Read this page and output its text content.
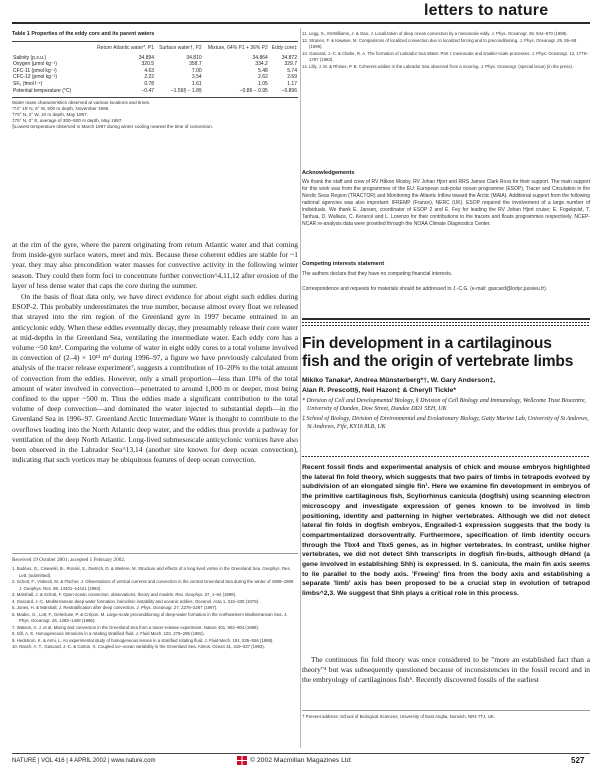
letters to nature
Table 1 Properties of the eddy core and its parent waters
	Return Atlantic water*, P1	Surface water†, P2	Mixture, 64% P1 + 36% P2	Eddy core‡
Salinity (p.s.u.)	34.894	34.810	34.864	34.872
Oxygen (µmol kg⁻¹)	320.5	358.7	334.2	329.7
CFC-11 (pmol kg⁻¹)	4.63	7.00	5.48	5.74
CFC-12 (pmol kg⁻¹)	2.22	3.54	2.62	2.69
SF₆ (fmol l⁻¹)	0.78	1.61	1.05	1.17
Potential temperature (°C)	−0.47	−1.59§ − 1.8§	−0.86 − 0.95	−0.896
Water mass characteristics observed at various locations and times.
*74° 15′ N, 6° W, 500 m depth, November 1996.
†75° N, 2° W, 10 m depth, May 1997.
‡75° N, 0° E, average of 300–500 m depth, May 1997.
§Lowest temperature observed in March 1997 during winter cooling nearest the time of convection.

at the rim of the gyre, where the parent originating from return Atlantic water and that coming from inside-gyre surface waters, meet and mix. Because these coherent eddies are stable for ~1 year, they may also precondition water masses for convective activity in the following winter season. They could then form foci to concentrate further convection^4,11,12 after erosion of the layer of less dense water that caps the core during the summer.

On the basis of float data only, we have direct evidence for about eight such eddies during ESOP-2. This probably underestimates the true number, because almost every float we released that strayed into the rim region of the Greenland gyre in 1997 became entrained in an anticyclonic eddy. When these eddies eventually decay, they presumably release their core water at mid-depths in the Greenland Sea, ventilating the intermediate water. Each eddy core has a volume ~50 km³. Comparing the volume of water in eight eddy cores to a total volume involved in convection of (2–4) × 10¹³ m³ during 1996–97, a figure we have previously calculated from analysis of the tracer release experiment⁷, suggests a contribution of 10–20% to the total amount of convection from the eddies. However, only a small proportion—less than 10% of the total amount of water involved in convection—penetrated to around 1,000 m or deeper, most being confined to the upper ~500 m. Thus the eddies made a significant contribution to the total volume of deep convection—and dominated the water injected to substantial depth—in the Greenland Sea in 1996–97. Greenland Arctic Intermediate Water is thought to contribute to the overflows leading into the North Atlantic deep water, and the eddies thus provide a pathway for ventilation of the deep North Atlantic. Long-lived submesoscale anticyclonic vortices have also been observed in the Labrador Sea^13,14 (another site known for deep ocean convection), indicating that such vortices may be ubiquitous features of deep ocean convection.

Received 19 October 2001; accepted 1 February 2002.
1. Budéus, G., Cisewski, B., Ronski, S., Dietrich, D. & Weitere, M. Structure and effects of a long lived vortex in the Greenland Sea. Geophys. Res. Lett. (submitted).
2. Schott, F., Visbeck, M. & Fischer, J. Observations of vertical currents and convection in the central Greenland Sea during the winter of 1988–1989. J. Geophys. Res. 98, 14401–14421 (1993).
3. Marshall, J. & Schott, F. Open-ocean convection: observations, theory and models. Rev. Geophys. 37, 1–64 (1999).
4. Gascard, J.-C. Mediterranean deep water formation, baroclinic instability and oceanic eddies. Oceanol. Acta 1, 315–330 (1978).
5. Jones, H. & Marshall, J. Restratification after deep convection. J. Phys. Oceanogr. 27, 2276–2287 (1997).
6. Madec, G., Lott, F., Delecluse, P. & Crépon, M. Large-scale preconditioning of deep-water formation in the northwestern Mediterranean Sea. J. Phys. Oceanogr. 26, 1393–1408 (1996).
7. Watson, A. J. et al. Mixing and convection in the Greenland Sea from a tracer-release experiment. Nature 401, 902–904 (1999).
8. Gill, A. E. Homogeneous intrusions in a rotating stratified fluid. J. Fluid Mech. 103, 275–295 (1981).
9. Hedstrom, K. & Armi, L. An experimental study of homogeneous lenses in a stratified rotating fluid. J. Fluid Mech. 191, 535–556 (1988).
10. Rasch, A. T., Gascard, J.-C. & Carton, X. Coupled ice–ocean variability in the Greenland Sea. Atmos. Ocean 31, 319–337 (1993).
11. Legg, S., McWilliams, J. & Gao, J. Localization of deep ocean convection by a mesoscale eddy. J. Phys. Oceanogr. 28, 944–970 (1998).
12. Straneo, F. & Kawase, M. Comparisons of localized convection due to localized forcing and to preconditioning. J. Phys. Oceanogr. 29, 55–68 (1999).
13. Gascard, J.-C. & Clarke, R. A. The formation of Labrador Sea Water. Part I: mesoscale and smaller-scale processes. J. Phys. Oceanogr. 13, 1779–1797 (1983).
14. Lilly, J. M. & Rhines, P. B. Coherent eddies in the Labrador Sea observed from a mooring. J. Phys. Oceanogr. (special issue) (in the press).
Acknowledgements
We thank the staff and crew of RV Håkon Mosby, RV Johan Hjort and RRS James Clark Ross for their support. The main support for this work was from the programmes of the EU: European sub-polar ocean programme (ESOP), Tracer and Circulation in the Nordic Seas Region (TRACTOR) and Monitoring the Atlantic Inflow toward the Arctic (MAIA). Additional support from the following national agencies was also important: IFREMP (France), NERC (UK). ESOP required the involvement of a large number of individuals. We thank E. Jansen, coordinator of ESOP 2 and E. Fey for leading the RV Johan Hjort cruise; E. Fogelqvist, T. Tanhua, D. Wallace, C. Kerarcé and L. Lorenzo for their contributions to the tracers and floats programmes respectively. NCEP-NCAR re-analysis data were provided through the NOAA Climate Diagnostics Center.
Competing interests statement
The authors declare that they have no competing financial interests.
Correspondence and requests for materials should be addressed to J.-C.G. (e-mail: gascard@lodyc.jussieu.fr).
Fin development in a cartilaginous
fish and the origin of vertebrate limbs
Mikiko Tanaka*, Andrea Münsterberg*†, W. Gary Anderson‡,
Alan R. Prescott§, Neil Hazon‡ & Cheryll Tickle*
* Division of Cell and Developmental Biology, § Division of Cell Biology and Immunology, Wellcome Trust Biocentre, University of Dundee, Dow Street, Dundee DD1 5EH, UK
‡ School of Biology, Division of Environmental and Evolutionary Biology, Gatty Marine Lab, University of St Andrews, St Andrews, Fife, KY16 8LB, UK
Recent fossil finds and experimental analysis of chick and mouse embryos highlighted the lateral fin fold theory, which suggests that two pairs of limbs in tetrapods evolved by subdivision of an elongated single fin¹. Here we examine fin development in embryos of the primitive cartilaginous fish, Scyliorhinus canicula (dogfish) using scanning electron microscopy and investigate expression of genes known to be involved in limb positioning, identity and patterning in higher vertebrates. Although we did not detect lateral fin folds in dogfish embryos, Engrailed-1 expression suggests that the body is compartmentalized dorsoventrally. Furthermore, specification of limb identity occurs through the Tbx4 and Tbx5 genes, as in higher vertebrates. In contrast, unlike higher vertebrates, we did not detect Shh transcripts in dogfish fin-buds, although dHand (a gene involved in establishing Shh) is expressed. In S. canicula, the main fin axis seems to lie parallel to the body axis. 'Freeing' fins from the body axis and establishing a separate 'limb' axis has been proposed to be a crucial step in evolution of tetrapod limbs^2,3. We suggest that Shh plays a critical role in this process.
The continuous fin fold theory was once considered to be "more an established fact than a theory"⁴ but was subsequently questioned because of inconsistencies in the fossil record and in the embryology of cartilaginous fish⁵. Recently discovered fossils of the earliest
† Present address: School of Biological Sciences, University of East Anglia, Norwich, NR4 7TJ, UK.
NATURE | VOL 416 | 4 APRIL 2002 | www.nature.com	© 2002 Macmillan Magazines Ltd	527
